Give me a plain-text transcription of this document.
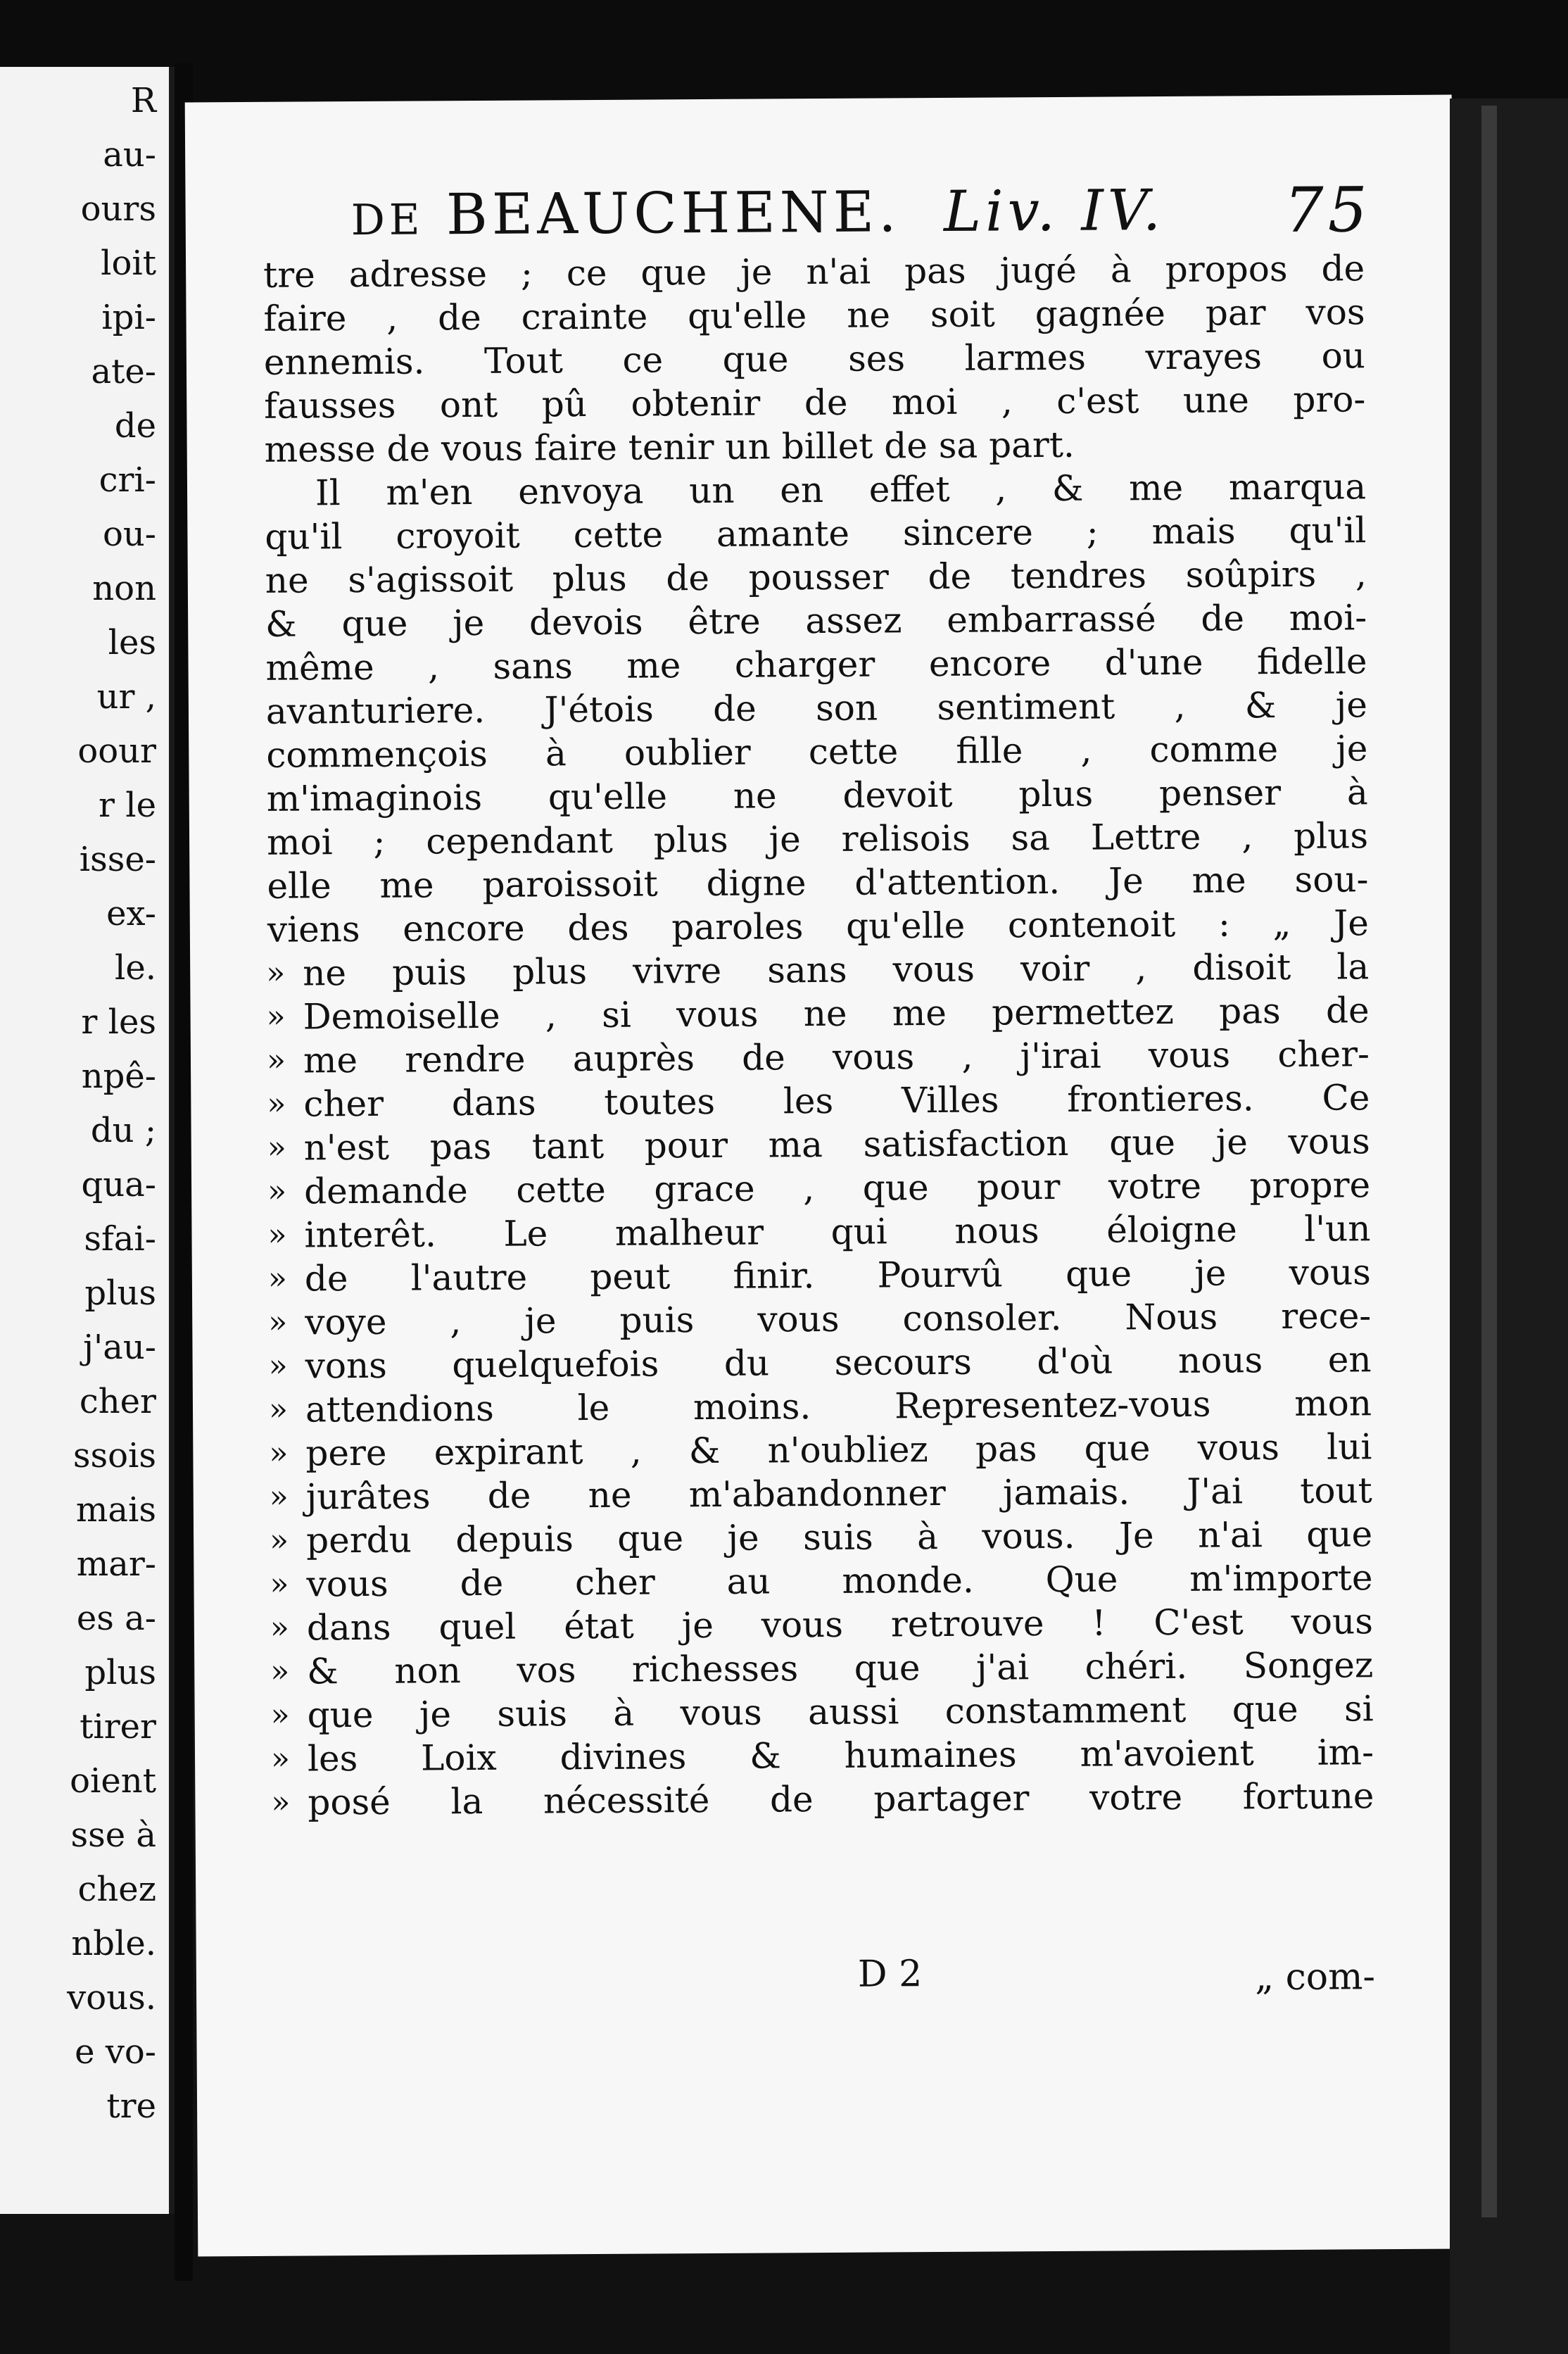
R
au-
ours
loit
ipi-
ate-
de
cri-
ou-
non
les
ur ,
oour
r le
isse-
ex-
le.
r les
npê-
du ;
qua-
sfai-
plus
j'au-
cher
ssois
mais
mar-
es a-
plus
tirer
oient
sse à
chez
nble.
vous.
e vo-
tre
DE BEAUCHENE. Liv. IV. 75
tre adresse ; ce que je n'ai pas jugé à propos de
faire , de crainte qu'elle ne soit gagnée par vos
ennemis. Tout ce que ses larmes vrayes ou
fausses ont pû obtenir de moi , c'est une pro-
messe de vous faire tenir un billet de sa part.
Il m'en envoya un en effet , & me marqua
qu'il croyoit cette amante sincere ; mais qu'il
ne s'agissoit plus de pousser de tendres soûpirs ,
& que je devois être assez embarrassé de moi-
même , sans me charger encore d'une fidelle
avanturiere. J'étois de son sentiment , & je
commençois à oublier cette fille , comme je
m'imaginois qu'elle ne devoit plus penser à
moi ; cependant plus je relisois sa Lettre , plus
elle me paroissoit digne d'attention. Je me sou-
viens encore des paroles qu'elle contenoit : „ Je
» ne puis plus vivre sans vous voir , disoit la
» Demoiselle , si vous ne me permettez pas de
» me rendre auprès de vous , j'irai vous cher-
» cher dans toutes les Villes frontieres. Ce
» n'est pas tant pour ma satisfaction que je vous
» demande cette grace , que pour votre propre
» interêt. Le malheur qui nous éloigne l'un
» de l'autre peut finir. Pourvû que je vous
» voye , je puis vous consoler. Nous rece-
» vons quelquefois du secours d'où nous en
» attendions le moins. Representez-vous mon
» pere expirant , & n'oubliez pas que vous lui
» jurâtes de ne m'abandonner jamais. J'ai tout
» perdu depuis que je suis à vous. Je n'ai que
» vous de cher au monde. Que m'importe
» dans quel état je vous retrouve ! C'est vous
» & non vos richesses que j'ai chéri. Songez
» que je suis à vous aussi constamment que si
» les Loix divines & humaines m'avoient im-
» posé la nécessité de partager votre fortune
D 2	„ com-
